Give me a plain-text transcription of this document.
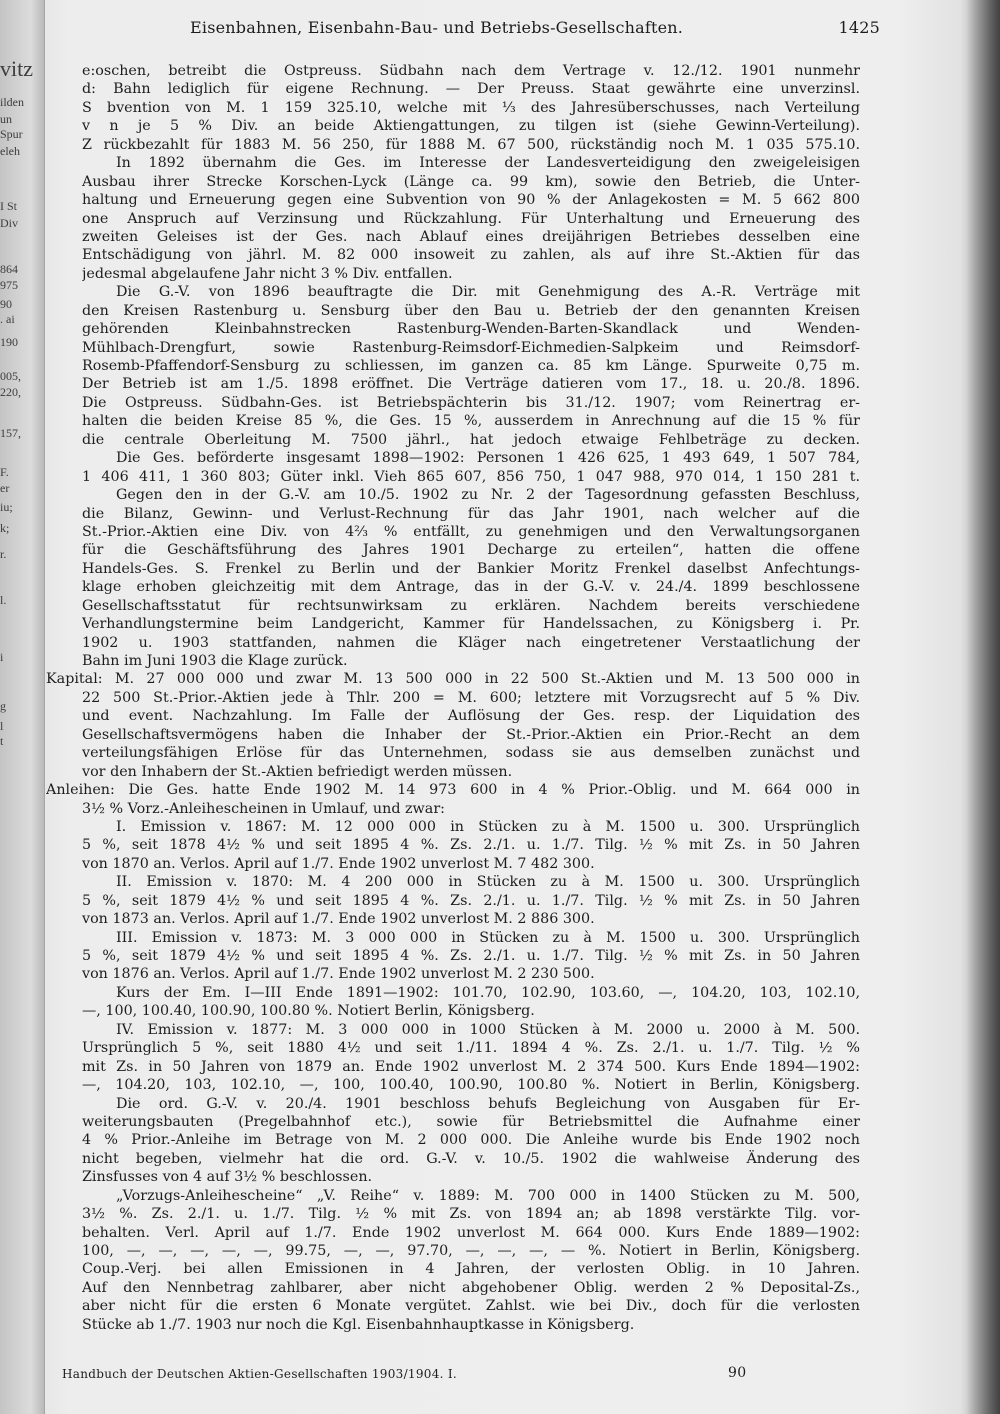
vitz
ilden
un
Spur
eleh
I St
Div
864
975
90
. ai
190
005,
220,
157,
F.
er
iu;
k;
r.
l.
i
g
l
t
Eisenbahnen, Eisenbahn-Bau- und Betriebs-Gesellschaften.	1425
e:oschen, betreibt die Ostpreuss. Südbahn nach dem Vertrage v. 12./12. 1901 nunmehr
d: Bahn lediglich für eigene Rechnung. — Der Preuss. Staat gewährte eine unverzinsl.
S bvention von M. 1 159 325.10, welche mit ⅓ des Jahresüberschusses, nach Verteilung
v n je 5 % Div. an beide Aktiengattungen, zu tilgen ist (siehe Gewinn-Verteilung).
Z rückbezahlt für 1883 M. 56 250, für 1888 M. 67 500, rückständig noch M. 1 035 575.10.
In 1892 übernahm die Ges. im Interesse der Landesverteidigung den zweigeleisigen
Ausbau ihrer Strecke Korschen-Lyck (Länge ca. 99 km), sowie den Betrieb, die Unter-
haltung und Erneuerung gegen eine Subvention von 90 % der Anlagekosten = M. 5 662 800
one Anspruch auf Verzinsung und Rückzahlung. Für Unterhaltung und Erneuerung des
zweiten Geleises ist der Ges. nach Ablauf eines dreijährigen Betriebes desselben eine
Entschädigung von jährl. M. 82 000 insoweit zu zahlen, als auf ihre St.-Aktien für das
jedesmal abgelaufene Jahr nicht 3 % Div. entfallen.
Die G.-V. von 1896 beauftragte die Dir. mit Genehmigung des A.-R. Verträge mit
den Kreisen Rastenburg u. Sensburg über den Bau u. Betrieb der den genannten Kreisen
gehörenden Kleinbahnstrecken Rastenburg-Wenden-Barten-Skandlack und Wenden-
Mühlbach-Drengfurt, sowie Rastenburg-Reimsdorf-Eichmedien-Salpkeim und Reimsdorf-
Rosemb-Pfaffendorf-Sensburg zu schliessen, im ganzen ca. 85 km Länge. Spurweite 0,75 m.
Der Betrieb ist am 1./5. 1898 eröffnet. Die Verträge datieren vom 17., 18. u. 20./8. 1896.
Die Ostpreuss. Südbahn-Ges. ist Betriebspächterin bis 31./12. 1907; vom Reinertrag er-
halten die beiden Kreise 85 %, die Ges. 15 %, ausserdem in Anrechnung auf die 15 % für
die centrale Oberleitung M. 7500 jährl., hat jedoch etwaige Fehlbeträge zu decken.
Die Ges. beförderte insgesamt 1898—1902: Personen 1 426 625, 1 493 649, 1 507 784,
1 406 411, 1 360 803; Güter inkl. Vieh 865 607, 856 750, 1 047 988, 970 014, 1 150 281 t.
Gegen den in der G.-V. am 10./5. 1902 zu Nr. 2 der Tagesordnung gefassten Beschluss,
die Bilanz, Gewinn- und Verlust-Rechnung für das Jahr 1901, nach welcher auf die
St.-Prior.-Aktien eine Div. von 4⅔ % entfällt, zu genehmigen und den Verwaltungsorganen
für die Geschäftsführung des Jahres 1901 Decharge zu erteilen“, hatten die offene
Handels-Ges. S. Frenkel zu Berlin und der Bankier Moritz Frenkel daselbst Anfechtungs-
klage erhoben gleichzeitig mit dem Antrage, das in der G.-V. v. 24./4. 1899 beschlossene
Gesellschaftsstatut für rechtsunwirksam zu erklären. Nachdem bereits verschiedene
Verhandlungstermine beim Landgericht, Kammer für Handelssachen, zu Königsberg i. Pr.
1902 u. 1903 stattfanden, nahmen die Kläger nach eingetretener Verstaatlichung der
Bahn im Juni 1903 die Klage zurück.
Kapital: M. 27 000 000 und zwar M. 13 500 000 in 22 500 St.-Aktien und M. 13 500 000 in
22 500 St.-Prior.-Aktien jede à Thlr. 200 = M. 600; letztere mit Vorzugsrecht auf 5 % Div.
und event. Nachzahlung. Im Falle der Auflösung der Ges. resp. der Liquidation des
Gesellschaftsvermögens haben die Inhaber der St.-Prior.-Aktien ein Prior.-Recht an dem
verteilungsfähigen Erlöse für das Unternehmen, sodass sie aus demselben zunächst und
vor den Inhabern der St.-Aktien befriedigt werden müssen.
Anleihen: Die Ges. hatte Ende 1902 M. 14 973 600 in 4 % Prior.-Oblig. und M. 664 000 in
3½ % Vorz.-Anleihescheinen in Umlauf, und zwar:
I. Emission v. 1867: M. 12 000 000 in Stücken zu à M. 1500 u. 300. Ursprünglich
5 %, seit 1878 4½ % und seit 1895 4 %. Zs. 2./1. u. 1./7. Tilg. ½ % mit Zs. in 50 Jahren
von 1870 an. Verlos. April auf 1./7. Ende 1902 unverlost M. 7 482 300.
II. Emission v. 1870: M. 4 200 000 in Stücken zu à M. 1500 u. 300. Ursprünglich
5 %, seit 1879 4½ % und seit 1895 4 %. Zs. 2./1. u. 1./7. Tilg. ½ % mit Zs. in 50 Jahren
von 1873 an. Verlos. April auf 1./7. Ende 1902 unverlost M. 2 886 300.
III. Emission v. 1873: M. 3 000 000 in Stücken zu à M. 1500 u. 300. Ursprünglich
5 %, seit 1879 4½ % und seit 1895 4 %. Zs. 2./1. u. 1./7. Tilg. ½ % mit Zs. in 50 Jahren
von 1876 an. Verlos. April auf 1./7. Ende 1902 unverlost M. 2 230 500.
Kurs der Em. I—III Ende 1891—1902: 101.70, 102.90, 103.60, —, 104.20, 103, 102.10,
—, 100, 100.40, 100.90, 100.80 %. Notiert Berlin, Königsberg.
IV. Emission v. 1877: M. 3 000 000 in 1000 Stücken à M. 2000 u. 2000 à M. 500.
Ursprünglich 5 %, seit 1880 4½ und seit 1./11. 1894 4 %. Zs. 2./1. u. 1./7. Tilg. ½ %
mit Zs. in 50 Jahren von 1879 an. Ende 1902 unverlost M. 2 374 500. Kurs Ende 1894—1902:
—, 104.20, 103, 102.10, —, 100, 100.40, 100.90, 100.80 %. Notiert in Berlin, Königsberg.
Die ord. G.-V. v. 20./4. 1901 beschloss behufs Begleichung von Ausgaben für Er-
weiterungsbauten (Pregelbahnhof etc.), sowie für Betriebsmittel die Aufnahme einer
4 % Prior.-Anleihe im Betrage von M. 2 000 000. Die Anleihe wurde bis Ende 1902 noch
nicht begeben, vielmehr hat die ord. G.-V. v. 10./5. 1902 die wahlweise Änderung des
Zinsfusses von 4 auf 3½ % beschlossen.
„Vorzugs-Anleihescheine“ „V. Reihe“ v. 1889: M. 700 000 in 1400 Stücken zu M. 500,
3½ %. Zs. 2./1. u. 1./7. Tilg. ½ % mit Zs. von 1894 an; ab 1898 verstärkte Tilg. vor-
behalten. Verl. April auf 1./7. Ende 1902 unverlost M. 664 000. Kurs Ende 1889—1902:
100, —, —, —, —, —, 99.75, —, —, 97.70, —, —, —, — %. Notiert in Berlin, Königsberg.
Coup.-Verj. bei allen Emissionen in 4 Jahren, der verlosten Oblig. in 10 Jahren.
Auf den Nennbetrag zahlbarer, aber nicht abgehobener Oblig. werden 2 % Deposital-Zs.,
aber nicht für die ersten 6 Monate vergütet. Zahlst. wie bei Div., doch für die verlosten
Stücke ab 1./7. 1903 nur noch die Kgl. Eisenbahnhauptkasse in Königsberg.
Handbuch der Deutschen Aktien-Gesellschaften 1903/1904. I.	90
